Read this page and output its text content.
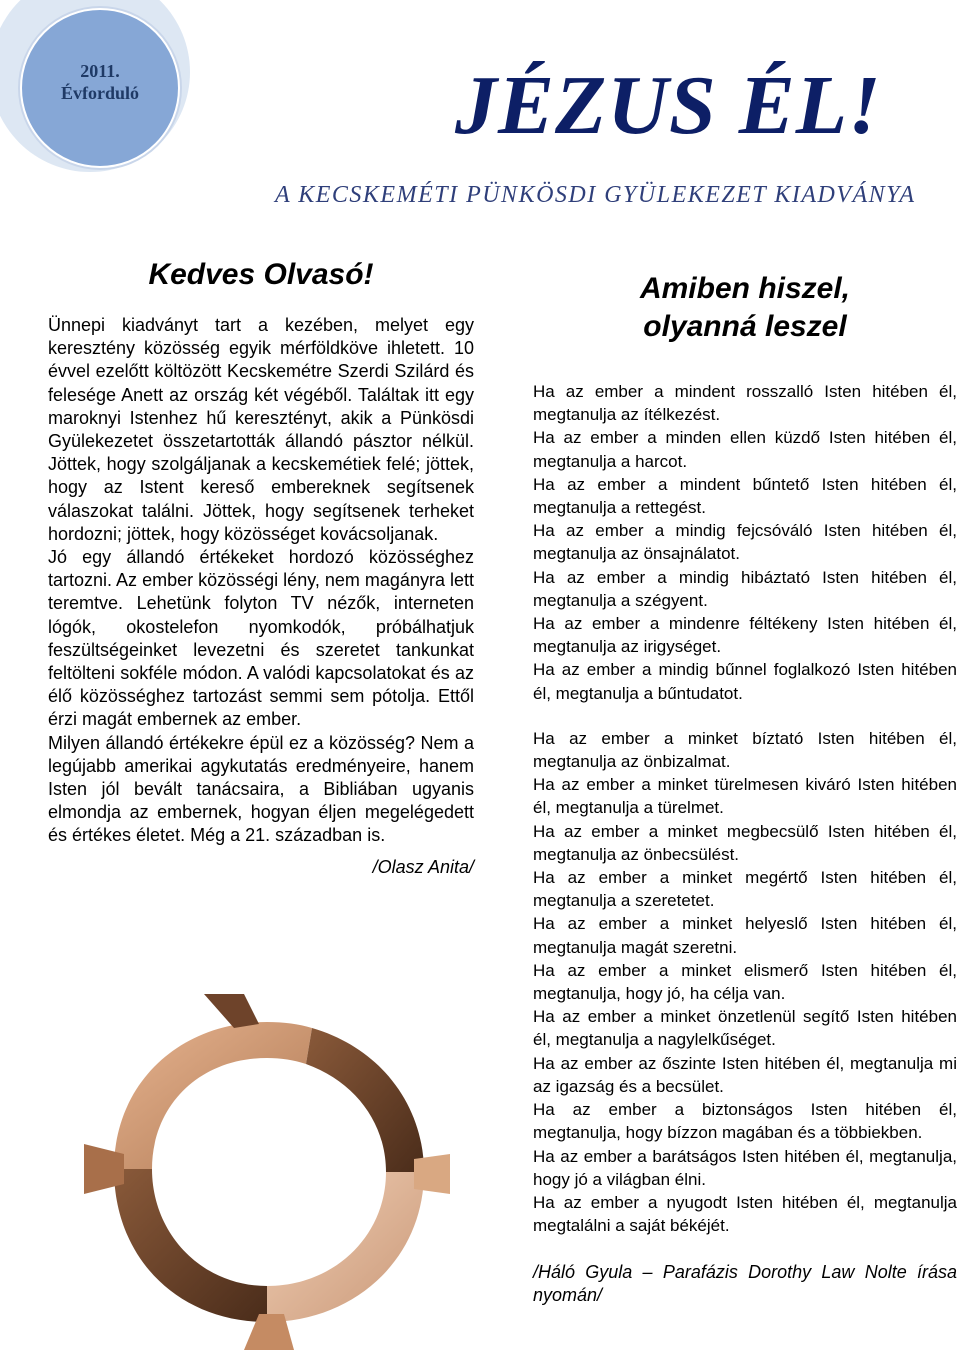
2011.
Évforduló	JÉZUS ÉL!
A KECSKEMÉTI PÜNKÖSDI GYÜLEKEZET KIADVÁNYA
Kedves Olvasó!

Ünnepi kiadványt tart a kezében, melyet egy keresztény közösség egyik mérföldköve ihletett. 10 évvel ezelőtt költözött Kecskemétre Szerdi Szilárd és felesége Anett az ország két végéből. Találtak itt egy maroknyi Istenhez hű keresztényt, akik a Pünkösdi Gyülekezetet összetartották állandó pásztor nélkül. Jöttek, hogy szolgáljanak a kecskemétiek felé; jöttek, hogy az Istent kereső embereknek segítsenek válaszokat találni. Jöttek, hogy segítsenek terheket hordozni; jöttek, hogy közösséget kovácsoljanak.

Jó egy állandó értékeket hordozó közösséghez tartozni. Az ember közösségi lény, nem magányra lett teremtve. Lehetünk folyton TV nézők, interneten lógók, okostelefon nyomkodók, próbálhatjuk feszültségeinket levezetni és szeretet tankunkat feltölteni sokféle módon. A valódi kapcsolatokat és az élő közösséghez tartozást semmi sem pótolja. Ettől érzi magát embernek az ember.

Milyen állandó értékekre épül ez a közösség? Nem a legújabb amerikai agykutatás eredményeire, hanem Isten jól bevált tanácsaira, a Bibliában ugyanis elmondja az embernek, hogyan éljen megelégedett és értékes életet. Még a 21. században is.

/Olasz Anita/
Amiben hiszel,
olyanná leszel

Ha az ember a mindent rosszalló Isten hitében él, megtanulja az ítélkezést.

Ha az ember a minden ellen küzdő Isten hitében él, megtanulja a harcot.

Ha az ember a mindent bűntető Isten hitében él, megtanulja a rettegést.

Ha az ember a mindig fejcsóváló Isten hitében él, megtanulja az önsajnálatot.

Ha az ember a mindig hibáztató Isten hitében él, megtanulja a szégyent.

Ha az ember a mindenre féltékeny Isten hitében él, megtanulja az irigységet.

Ha az ember a mindig bűnnel foglalkozó Isten hitében él, megtanulja a bűntudatot.

Ha az ember a minket bíztató Isten hitében él, megtanulja az önbizalmat.

Ha az ember a minket türelmesen kiváró Isten hitében él, megtanulja a türelmet.

Ha az ember a minket megbecsülő Isten hitében él, megtanulja az önbecsülést.

Ha az ember a minket megértő Isten hitében él, megtanulja a szeretetet.

Ha az ember a minket helyeslő Isten hitében él, megtanulja magát szeretni.

Ha az ember a minket elismerő Isten hitében él, megtanulja, hogy jó, ha célja van.

Ha az ember a minket önzetlenül segítő Isten hitében él, megtanulja a nagylelkűséget.

Ha az ember az őszinte Isten hitében él, megtanulja mi az igazság és a becsület.

Ha az ember a biztonságos Isten hitében él, megtanulja, hogy bízzon magában és a többiekben.

Ha az ember a barátságos Isten hitében él, megtanulja, hogy jó a világban élni.

Ha az ember a nyugodt Isten hitében él, megtanulja megtalálni a saját békéjét.

/Háló Gyula – Parafázis Dorothy Law Nolte írása nyomán/
